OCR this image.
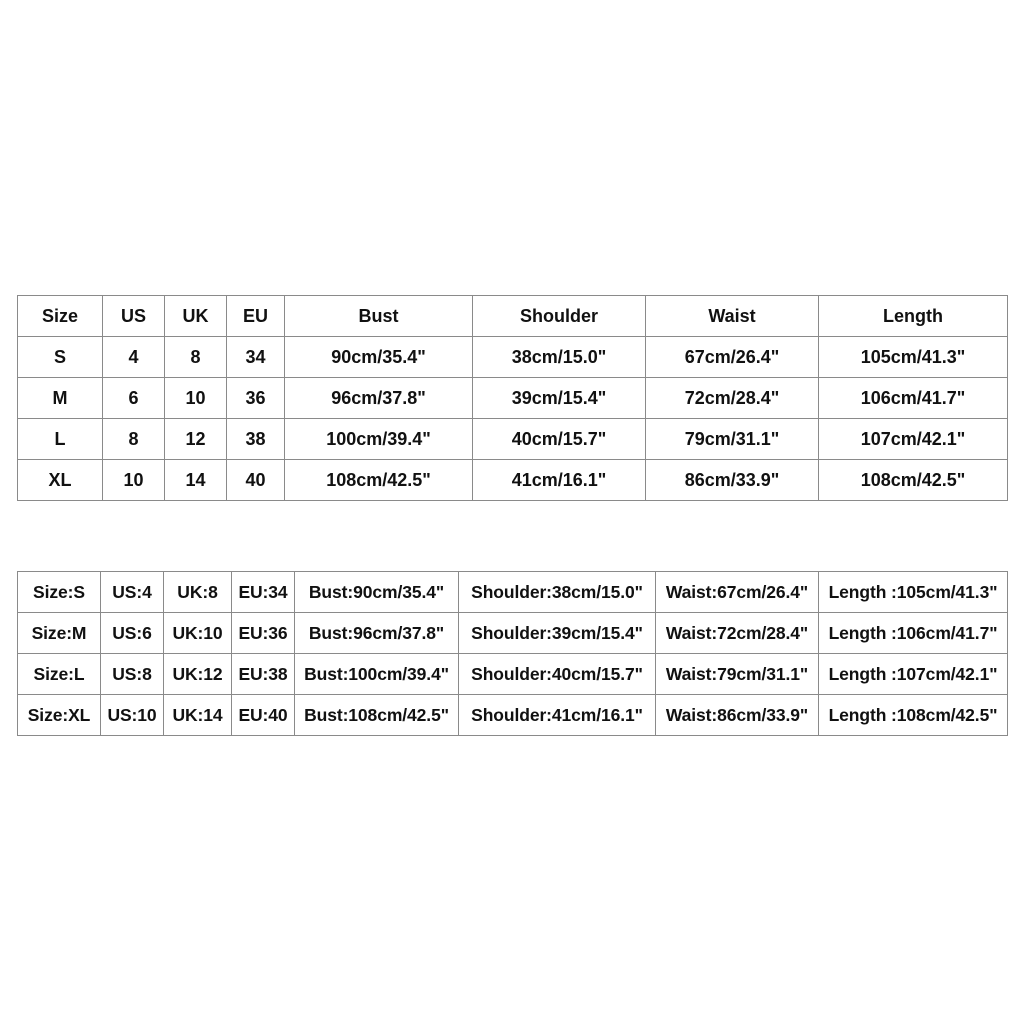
Size	US	UK	EU	Bust	Shoulder	Waist	Length
S	4	8	34	90cm/35.4"	38cm/15.0"	67cm/26.4"	105cm/41.3"
M	6	10	36	96cm/37.8"	39cm/15.4"	72cm/28.4"	106cm/41.7"
L	8	12	38	100cm/39.4"	40cm/15.7"	79cm/31.1"	107cm/42.1"
XL	10	14	40	108cm/42.5"	41cm/16.1"	86cm/33.9"	108cm/42.5"
Size:S	US:4	UK:8	EU:34	Bust:90cm/35.4"	Shoulder:38cm/15.0"	Waist:67cm/26.4"	Length :105cm/41.3"
Size:M	US:6	UK:10	EU:36	Bust:96cm/37.8"	Shoulder:39cm/15.4"	Waist:72cm/28.4"	Length :106cm/41.7"
Size:L	US:8	UK:12	EU:38	Bust:100cm/39.4"	Shoulder:40cm/15.7"	Waist:79cm/31.1"	Length :107cm/42.1"
Size:XL	US:10	UK:14	EU:40	Bust:108cm/42.5"	Shoulder:41cm/16.1"	Waist:86cm/33.9"	Length :108cm/42.5"
